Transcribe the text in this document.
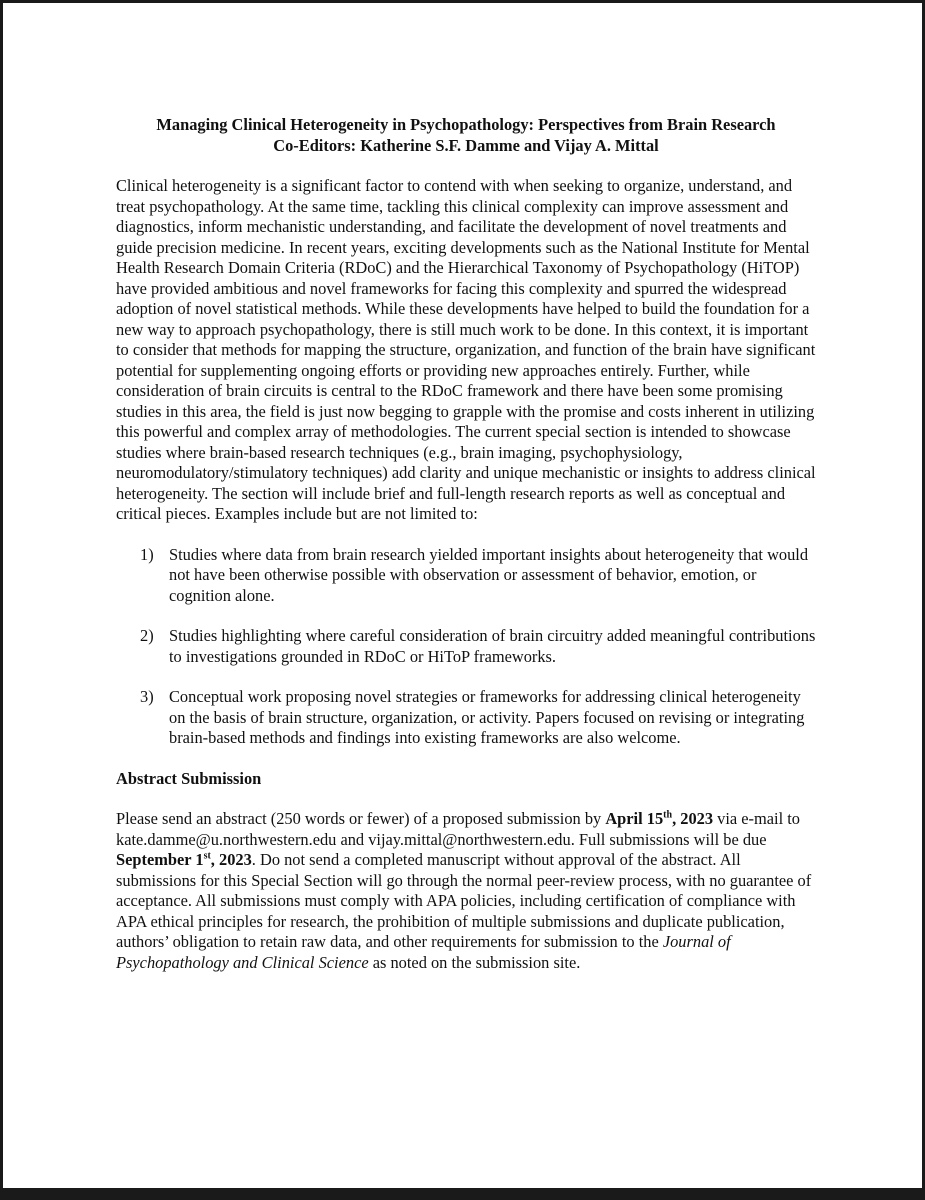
Managing Clinical Heterogeneity in Psychopathology: Perspectives from Brain Research
Co-Editors: Katherine S.F. Damme and Vijay A. Mittal

Clinical heterogeneity is a significant factor to contend with when seeking to organize, understand, and treat psychopathology. At the same time, tackling this clinical complexity can improve assessment and diagnostics, inform mechanistic understanding, and facilitate the development of novel treatments and guide precision medicine. In recent years, exciting developments such as the National Institute for Mental Health Research Domain Criteria (RDoC) and the Hierarchical Taxonomy of Psychopathology (HiTOP) have provided ambitious and novel frameworks for facing this complexity and spurred the widespread adoption of novel statistical methods. While these developments have helped to build the foundation for a new way to approach psychopathology, there is still much work to be done. In this context, it is important to consider that methods for mapping the structure, organization, and function of the brain have significant potential for supplementing ongoing efforts or providing new approaches entirely. Further, while consideration of brain circuits is central to the RDoC framework and there have been some promising studies in this area, the field is just now begging to grapple with the promise and costs inherent in utilizing this powerful and complex array of methodologies. The current special section is intended to showcase studies where brain-based research techniques (e.g., brain imaging, psychophysiology, neuromodulatory/stimulatory techniques) add clarity and unique mechanistic or insights to address clinical heterogeneity. The section will include brief and full-length research reports as well as conceptual and critical pieces. Examples include but are not limited to:

1) Studies where data from brain research yielded important insights about heterogeneity that would not have been otherwise possible with observation or assessment of behavior, emotion, or cognition alone.
2) Studies highlighting where careful consideration of brain circuitry added meaningful contributions to investigations grounded in RDoC or HiToP frameworks.
3) Conceptual work proposing novel strategies or frameworks for addressing clinical heterogeneity on the basis of brain structure, organization, or activity. Papers focused on revising or integrating brain-based methods and findings into existing frameworks are also welcome.

Abstract Submission

Please send an abstract (250 words or fewer) of a proposed submission by April 15th, 2023 via e-mail to kate.damme@u.northwestern.edu and vijay.mittal@northwestern.edu. Full submissions will be due September 1st, 2023. Do not send a completed manuscript without approval of the abstract. All submissions for this Special Section will go through the normal peer-review process, with no guarantee of acceptance. All submissions must comply with APA policies, including certification of compliance with APA ethical principles for research, the prohibition of multiple submissions and duplicate publication, authors’ obligation to retain raw data, and other requirements for submission to the Journal of Psychopathology and Clinical Science as noted on the submission site.
